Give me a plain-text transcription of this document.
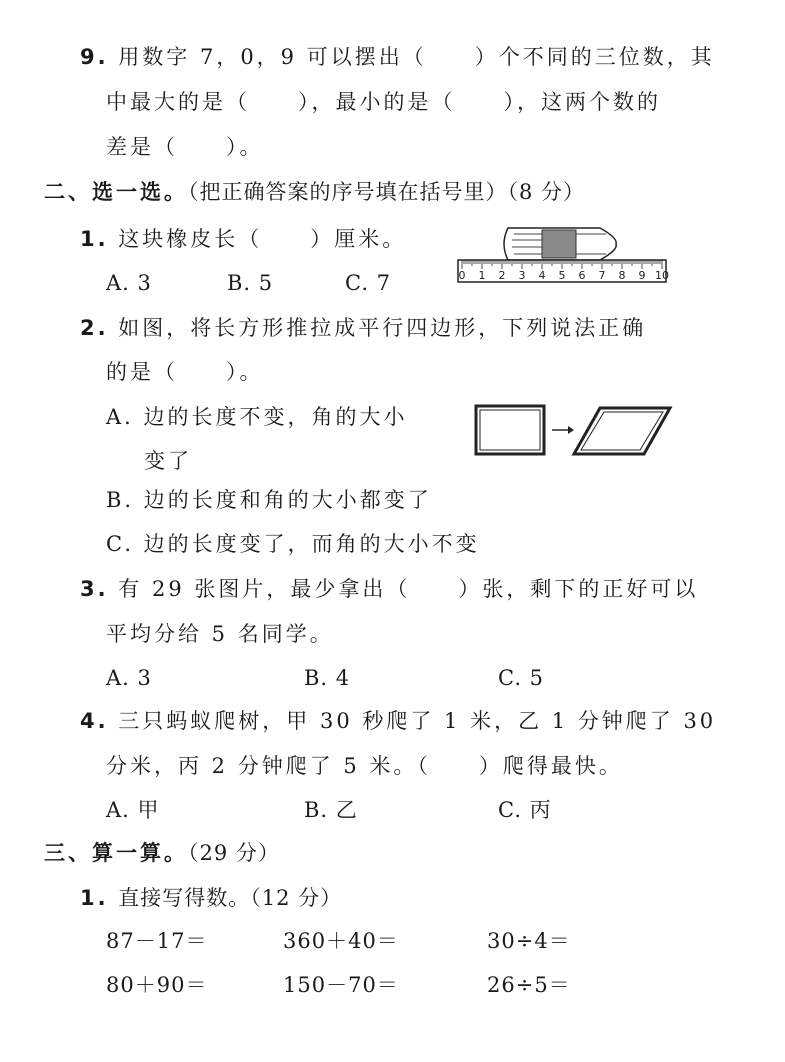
9. 用数字 7，0，9 可以摆出（　　）个不同的三位数，其
中最大的是（　　），最小的是（　　），这两个数的
差是（　　）。
二、选一选。（把正确答案的序号填在括号里）（8 分）
1. 这块橡皮长（　　）厘米。
A. 3	B. 5	C. 7	0 1 2 3 4 5 6 7 8 9 10
2. 如图，将长方形推拉成平行四边形，下列说法正确
的是（　　）。
A. 边的长度不变，角的大小
变了
B. 边的长度和角的大小都变了
C. 边的长度变了，而角的大小不变
3. 有 29 张图片，最少拿出（　　）张，剩下的正好可以
平均分给 5 名同学。
A. 3	B. 4	C. 5
4. 三只蚂蚁爬树，甲 30 秒爬了 1 米，乙 1 分钟爬了 30
分米，丙 2 分钟爬了 5 米。（　　）爬得最快。
A. 甲	B. 乙	C. 丙
三、算一算。（29 分）
1. 直接写得数。（12 分）
87－17＝	360＋40＝	30÷4＝
80＋90＝	150－70＝	26÷5＝
